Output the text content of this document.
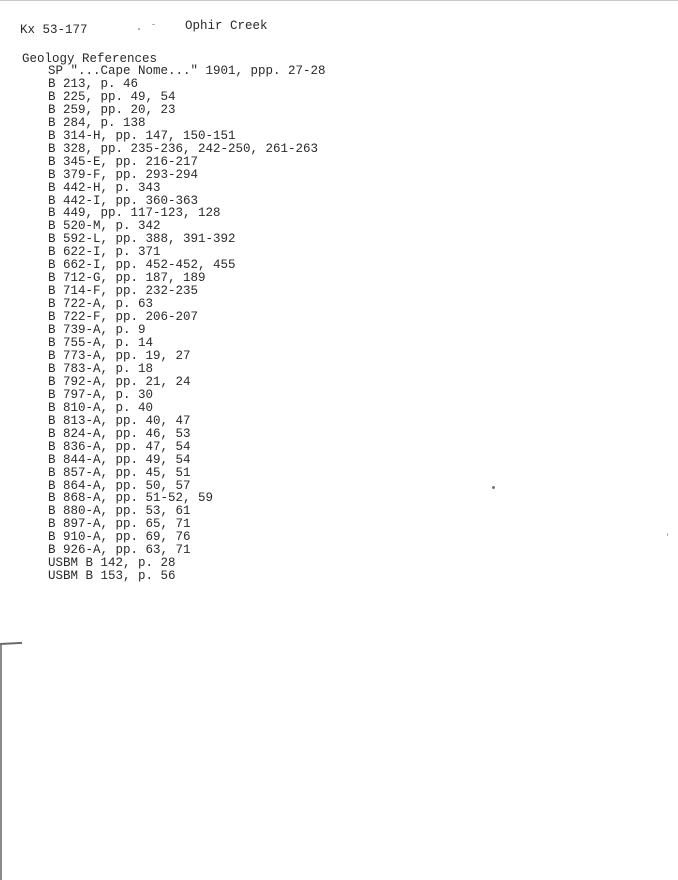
Kx 53-177	Ophir Creek
Geology References
SP "...Cape Nome..." 1901, ppp. 27-28
B 213, p. 46
B 225, pp. 49, 54
B 259, pp. 20, 23
B 284, p. 138
B 314-H, pp. 147, 150-151
B 328, pp. 235-236, 242-250, 261-263
B 345-E, pp. 216-217
B 379-F, pp. 293-294
B 442-H, p. 343
B 442-I, pp. 360-363
B 449, pp. 117-123, 128
B 520-M, p. 342
B 592-L, pp. 388, 391-392
B 622-I, p. 371
B 662-I, pp. 452-452, 455
B 712-G, pp. 187, 189
B 714-F, pp. 232-235
B 722-A, p. 63
B 722-F, pp. 206-207
B 739-A, p. 9
B 755-A, p. 14
B 773-A, pp. 19, 27
B 783-A, p. 18
B 792-A, pp. 21, 24
B 797-A, p. 30
B 810-A, p. 40
B 813-A, pp. 40, 47
B 824-A, pp. 46, 53
B 836-A, pp. 47, 54
B 844-A, pp. 49, 54
B 857-A, pp. 45, 51
B 864-A, pp. 50, 57
B 868-A, pp. 51-52, 59
B 880-A, pp. 53, 61
B 897-A, pp. 65, 71
B 910-A, pp. 69, 76
B 926-A, pp. 63, 71
USBM B 142, p. 28
USBM B 153, p. 56
